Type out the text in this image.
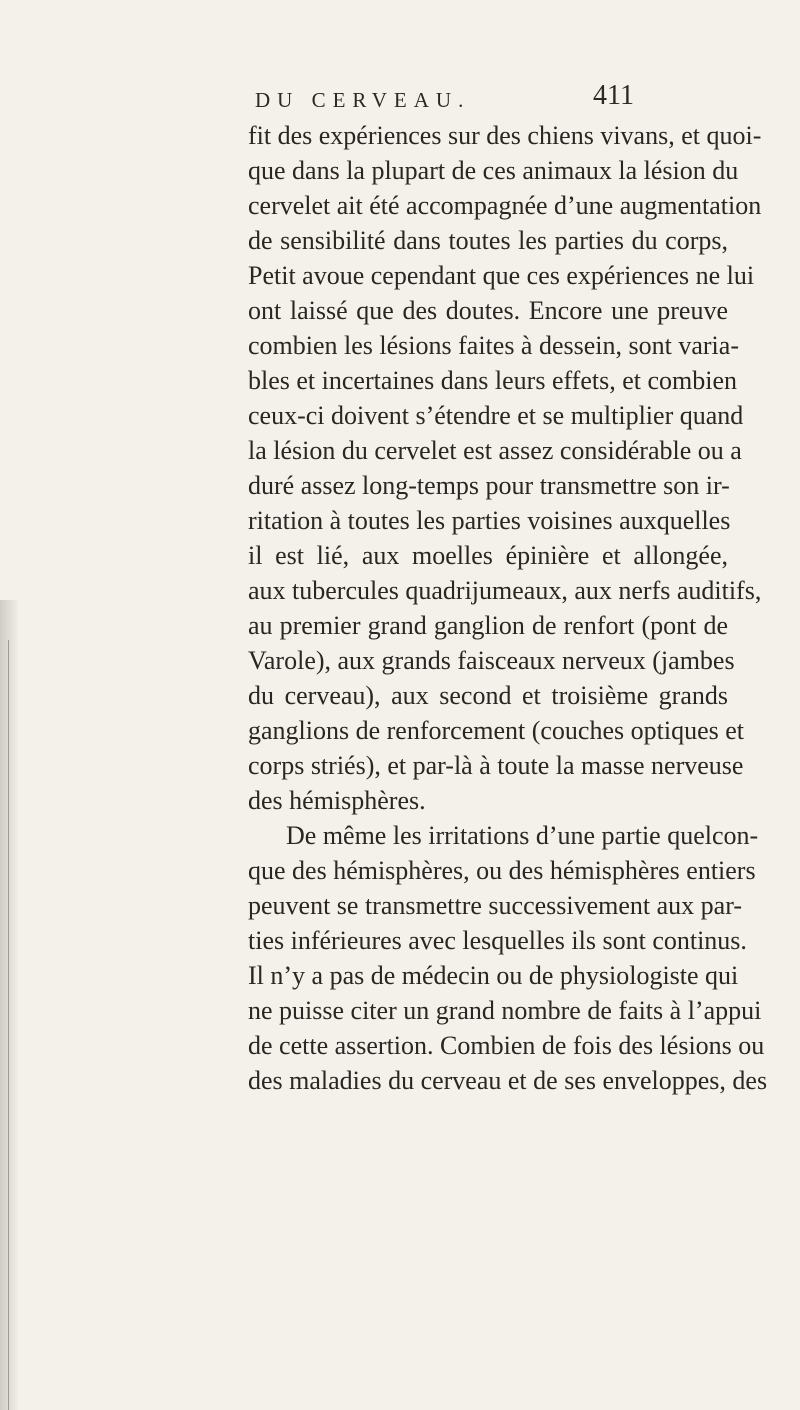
DU CERVEAU.	411
fit des expériences sur des chiens vivans, et quoi-
que dans la plupart de ces animaux la lésion du
cervelet ait été accompagnée d’une augmentation
de sensibilité dans toutes les parties du corps,
Petit avoue cependant que ces expériences ne lui
ont laissé que des doutes. Encore une preuve
combien les lésions faites à dessein, sont varia-
bles et incertaines dans leurs effets, et combien
ceux-ci doivent s’étendre et se multiplier quand
la lésion du cervelet est assez considérable ou a
duré assez long-temps pour transmettre son ir-
ritation à toutes les parties voisines auxquelles
il est lié, aux moelles épinière et allongée,
aux tubercules quadrijumeaux, aux nerfs auditifs,
au premier grand ganglion de renfort (pont de
Varole), aux grands faisceaux nerveux (jambes
du cerveau), aux second et troisième grands
ganglions de renforcement (couches optiques et
corps striés), et par-là à toute la masse nerveuse
des hémisphères.
De même les irritations d’une partie quelcon-
que des hémisphères, ou des hémisphères entiers
peuvent se transmettre successivement aux par-
ties inférieures avec lesquelles ils sont continus.
Il n’y a pas de médecin ou de physiologiste qui
ne puisse citer un grand nombre de faits à l’appui
de cette assertion. Combien de fois des lésions ou
des maladies du cerveau et de ses enveloppes, des
